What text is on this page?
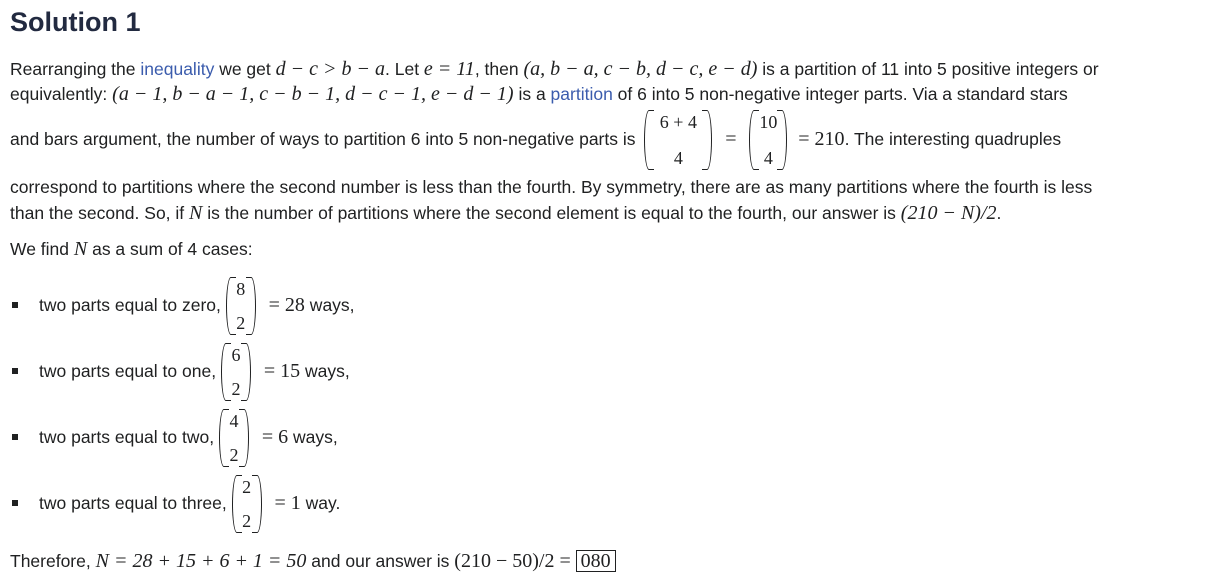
Solution 1
Rearranging the inequality we get d − c > b − a. Let e = 11, then (a, b − a, c − b, d − c, e − d) is a partition of 11 into 5 positive integers or
equivalently: (a − 1, b − a − 1, c − b − 1, d − c − 1, e − d − 1) is a partition of 6 into 5 non-negative integer parts. Via a standard stars
and bars argument, the number of ways to partition 6 into 5 non-negative parts is
6 + 4
4
=
10
4
= 210. The interesting quadruples
correspond to partitions where the second number is less than the fourth. By symmetry, there are as many partitions where the fourth is less
than the second. So, if N is the number of partitions where the second element is equal to the fourth, our answer is (210 − N)/2.
We find N as a sum of 4 cases:
two parts equal to zero,
8
2
= 28 ways,
two parts equal to one,
6
2
= 15 ways,
two parts equal to two,
4
2
= 6 ways,
two parts equal to three,
2
2
= 1 way.
Therefore, N = 28 + 15 + 6 + 1 = 50 and our answer is (210 − 50)/2 = 080
